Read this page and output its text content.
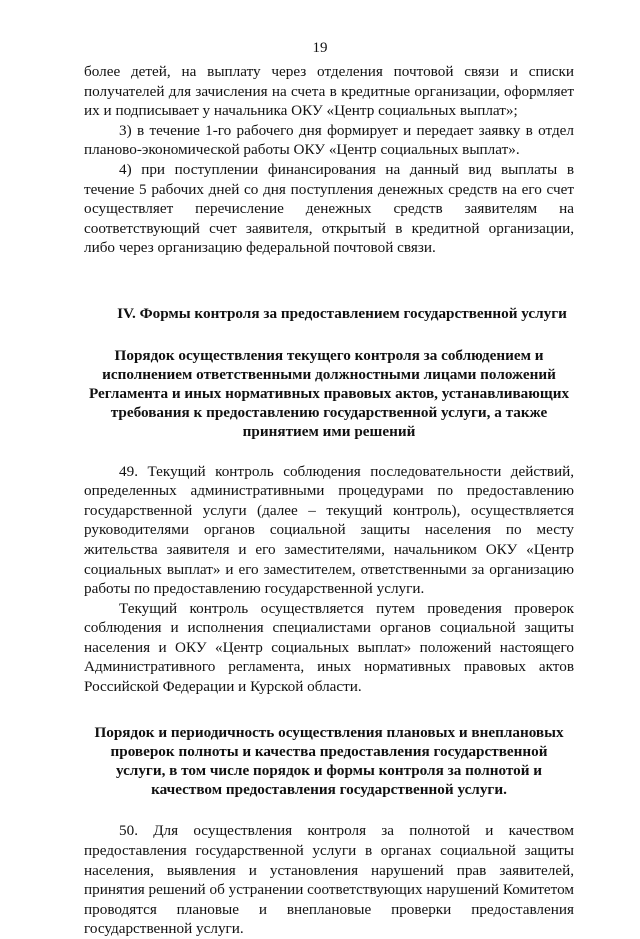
19

более детей, на выплату через отделения почтовой связи и списки получателей для зачисления на счета в кредитные организации, оформляет их и подписывает у начальника ОКУ «Центр социальных выплат»;

3) в течение 1-го рабочего дня формирует и передает заявку в отдел планово-экономической работы ОКУ «Центр социальных выплат».

4) при поступлении финансирования на данный вид выплаты в течение 5 рабочих дней со дня поступления денежных средств на его счет осуществляет перечисление денежных средств заявителям на соответствующий счет заявителя, открытый в кредитной организации, либо через организацию федеральной почтовой связи.

IV. Формы контроля за предоставлением государственной услуги

Порядок осуществления текущего контроля за соблюдением и исполнением ответственными должностными лицами положений Регламента и иных нормативных правовых актов, устанавливающих требования к предоставлению государственной услуги, а также принятием ими решений

49. Текущий контроль соблюдения последовательности действий, определенных административными процедурами по предоставлению государственной услуги (далее – текущий контроль), осуществляется руководителями органов социальной защиты населения по месту жительства заявителя и его заместителями, начальником ОКУ «Центр социальных выплат» и его заместителем, ответственными за организацию работы по предоставлению государственной услуги.

Текущий контроль осуществляется путем проведения проверок соблюдения и исполнения специалистами органов социальной защиты населения и ОКУ «Центр социальных выплат» положений настоящего Административного регламента, иных нормативных правовых актов Российской Федерации и Курской области.

Порядок и периодичность осуществления плановых и внеплановых проверок полноты и качества предоставления государственной услуги, в том числе порядок и формы контроля за полнотой и качеством предоставления государственной услуги.

50. Для осуществления контроля за полнотой и качеством предоставления государственной услуги в органах социальной защиты населения, выявления и установления нарушений прав заявителей, принятия решений об устранении соответствующих нарушений Комитетом проводятся плановые и внеплановые проверки предоставления государственной услуги.
